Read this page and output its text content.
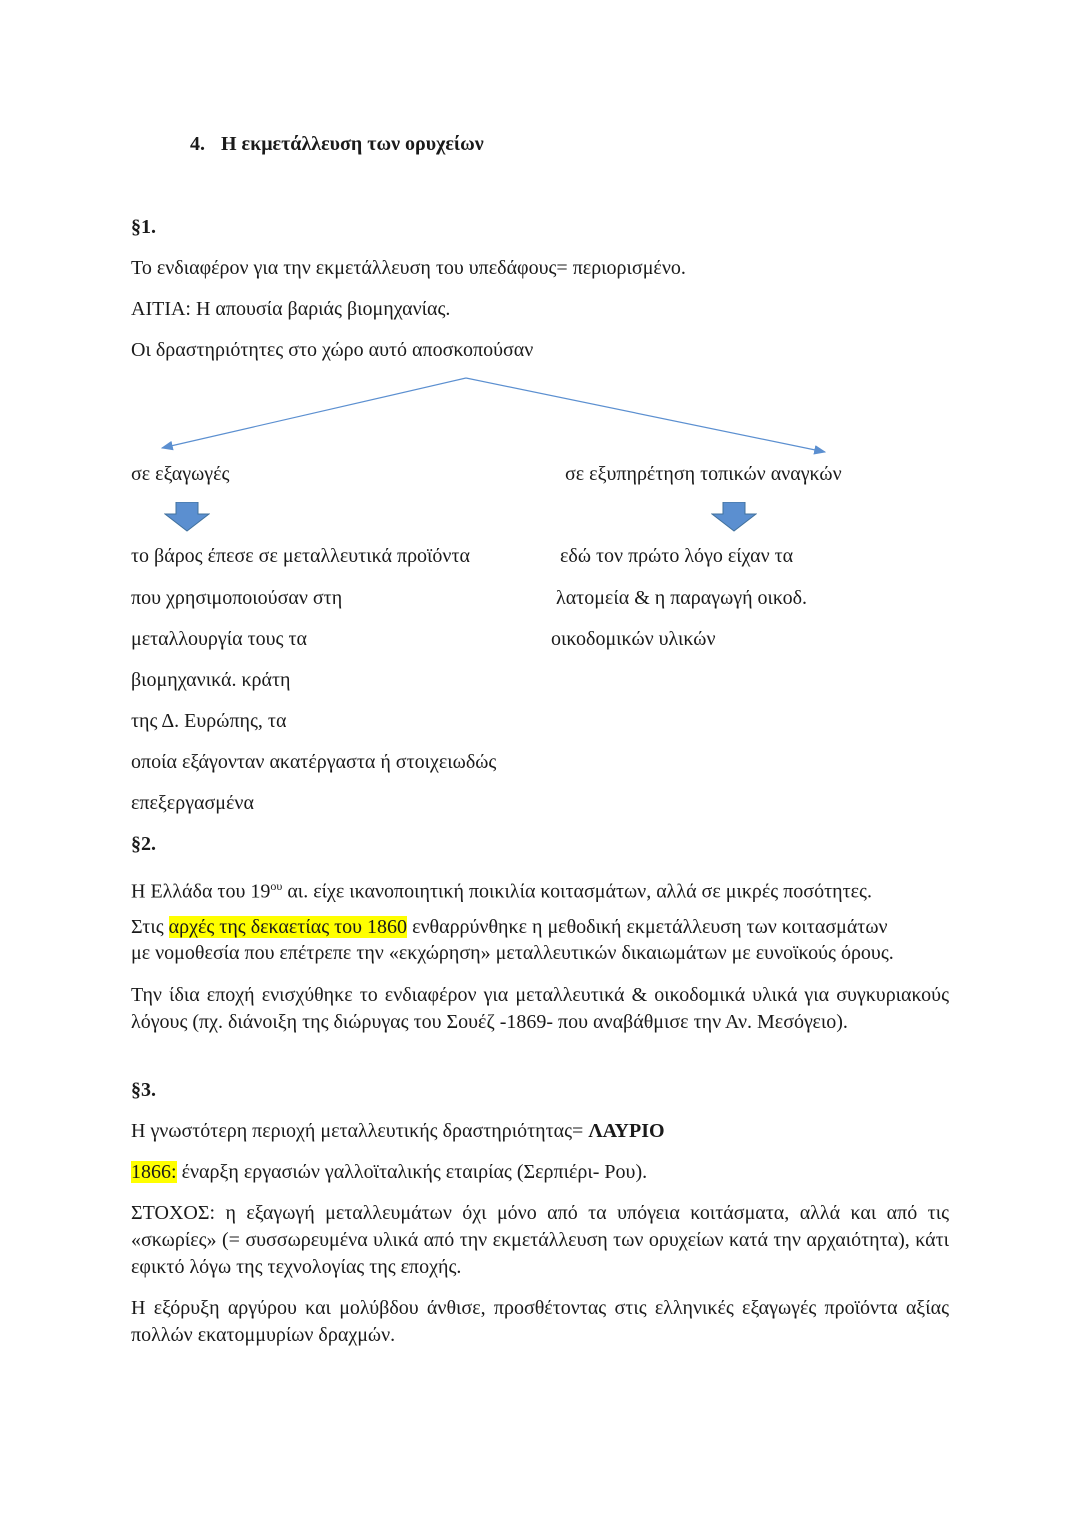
4. Η εκμετάλλευση των ορυχείων
§1.
Το ενδιαφέρον για την εκμετάλλευση του υπεδάφους= περιορισμένο.
ΑΙΤΙΑ: Η απουσία βαριάς βιομηχανίας.
Οι δραστηριότητες στο χώρο αυτό αποσκοπούσαν
σε εξαγωγές	σε εξυπηρέτηση τοπικών αναγκών
το βάρος έπεσε σε μεταλλευτικά προϊόντα
που χρησιμοποιούσαν στη
μεταλλουργία τους τα
βιομηχανικά. κράτη
της Δ. Ευρώπης, τα
οποία εξάγονταν ακατέργαστα ή στοιχειωδώς
επεξεργασμένα
εδώ τον πρώτο λόγο είχαν τα
λατομεία & η παραγωγή οικοδ.
οικοδομικών υλικών
§2.
Η Ελλάδα του $19^{o\upsilon}$ αι. είχε ικανοποιητική ποικιλία κοιτασμάτων, αλλά σε μικρές ποσότητες.
Στις αρχές της δεκαετίας του 1860 ενθαρρύνθηκε η μεθοδική εκμετάλλευση των κοιτασμάτων
με νομοθεσία που επέτρεπε την «εκχώρηση» μεταλλευτικών δικαιωμάτων με ευνοϊκούς όρους.
Την ίδια εποχή ενισχύθηκε το ενδιαφέρον για μεταλλευτικά & οικοδομικά υλικά για συγκυριακούς λόγους (πχ. διάνοιξη της διώρυγας του Σουέζ -1869- που αναβάθμισε την Αν. Μεσόγειο).
§3.
Η γνωστότερη περιοχή μεταλλευτικής δραστηριότητας= ΛΑΥΡΙΟ
1866: έναρξη εργασιών γαλλοϊταλικής εταιρίας (Σερπιέρι- Ρου).
ΣΤΟΧΟΣ: η εξαγωγή μεταλλευμάτων όχι μόνο από τα υπόγεια κοιτάσματα, αλλά και από τις «σκωρίες» (= συσσωρευμένα υλικά από την εκμετάλλευση των ορυχείων κατά την αρχαιότητα), κάτι εφικτό λόγω της τεχνολογίας της εποχής.
Η εξόρυξη αργύρου και μολύβδου άνθισε, προσθέτοντας στις ελληνικές εξαγωγές προϊόντα αξίας πολλών εκατομμυρίων δραχμών.
